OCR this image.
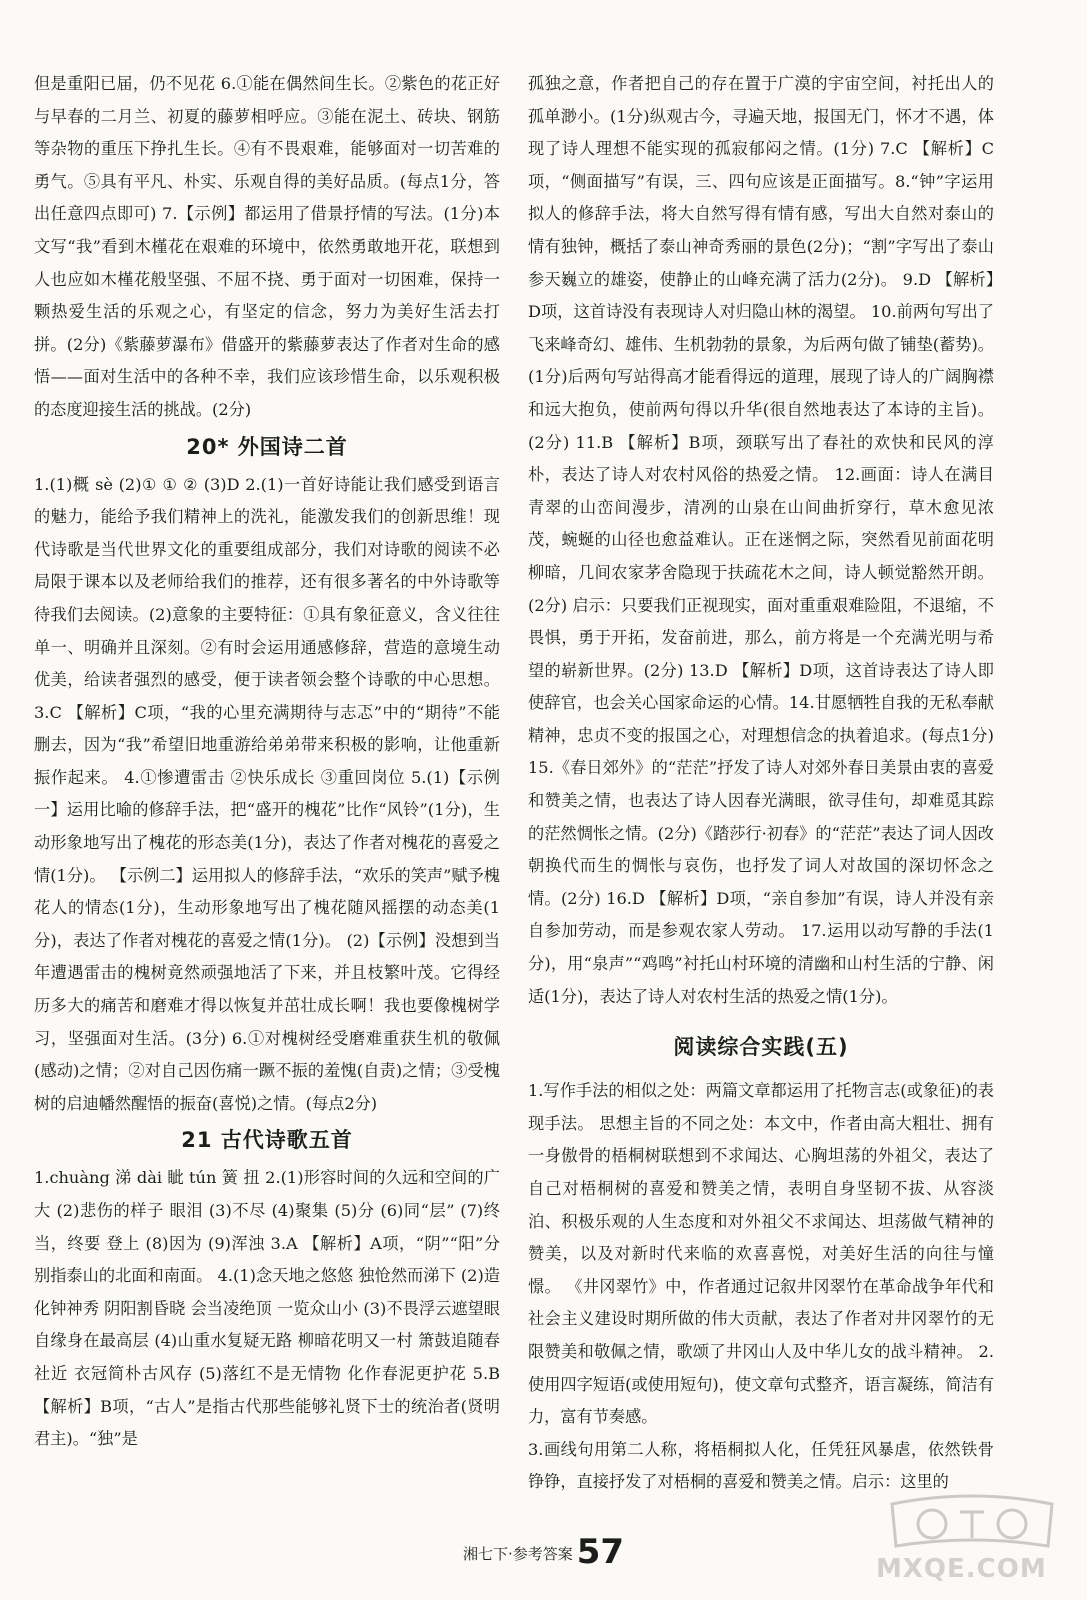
但是重阳已届，仍不见花 6.①能在偶然间生长。②紫色的花正好与早春的二月兰、初夏的藤萝相呼应。③能在泥土、砖块、钢筋等杂物的重压下挣扎生长。④有不畏艰难，能够面对一切苦难的勇气。⑤具有平凡、朴实、乐观自得的美好品质。(每点1分，答出任意四点即可) 7.【示例】都运用了借景抒情的写法。(1分)本文写“我”看到木槿花在艰难的环境中，依然勇敢地开花，联想到人也应如木槿花般坚强、不屈不挠、勇于面对一切困难，保持一颗热爱生活的乐观之心，有坚定的信念，努力为美好生活去打拼。(2分)《紫藤萝瀑布》借盛开的紫藤萝表达了作者对生命的感悟——面对生活中的各种不幸，我们应该珍惜生命，以乐观积极的态度迎接生活的挑战。(2分)

20* 外国诗二首

1.(1)概 sè (2)① ① ② (3)D 2.(1)一首好诗能让我们感受到语言的魅力，能给予我们精神上的洗礼，能激发我们的创新思维！现代诗歌是当代世界文化的重要组成部分，我们对诗歌的阅读不必局限于课本以及老师给我们的推荐，还有很多著名的中外诗歌等待我们去阅读。(2)意象的主要特征：①具有象征意义，含义往往单一、明确并且深刻。②有时会运用通感修辞，营造的意境生动优美，给读者强烈的感受，便于读者领会整个诗歌的中心思想。 3.C 【解析】C项，“我的心里充满期待与志忑”中的“期待”不能删去，因为“我”希望旧地重游给弟弟带来积极的影响，让他重新振作起来。 4.①惨遭雷击 ②快乐成长 ③重回岗位 5.(1)【示例一】运用比喻的修辞手法，把“盛开的槐花”比作“风铃”(1分)，生动形象地写出了槐花的形态美(1分)，表达了作者对槐花的喜爱之情(1分)。 【示例二】运用拟人的修辞手法，“欢乐的笑声”赋予槐花人的情态(1分)，生动形象地写出了槐花随风摇摆的动态美(1分)，表达了作者对槐花的喜爱之情(1分)。 (2)【示例】没想到当年遭遇雷击的槐树竟然顽强地活了下来，并且枝繁叶茂。它得经历多大的痛苦和磨难才得以恢复并茁壮成长啊！我也要像槐树学习，坚强面对生活。(3分) 6.①对槐树经受磨难重获生机的敬佩(感动)之情；②对自己因伤痛一蹶不振的羞愧(自责)之情；③受槐树的启迪幡然醒悟的振奋(喜悦)之情。(每点2分)

21 古代诗歌五首

1.chuàng 涕 dài 眦 tún 簧 扭 2.(1)形容时间的久远和空间的广大 (2)悲伤的样子 眼泪 (3)不尽 (4)聚集 (5)分 (6)同“层” (7)终当，终要 登上 (8)因为 (9)浑浊 3.A 【解析】A项，“阴”“阳”分别指泰山的北面和南面。 4.(1)念天地之悠悠 独怆然而涕下 (2)造化钟神秀 阴阳割昏晓 会当凌绝顶 一览众山小 (3)不畏浮云遮望眼 自缘身在最高层 (4)山重水复疑无路 柳暗花明又一村 箫鼓追随春社近 衣冠简朴古风存 (5)落红不是无情物 化作春泥更护花 5.B 【解析】B项，“古人”是指古代那些能够礼贤下士的统治者(贤明君主)。“独”是

孤独之意，作者把自己的存在置于广漠的宇宙空间，衬托出人的孤单渺小。(1分)纵观古今，寻遍天地，报国无门，怀才不遇，体现了诗人理想不能实现的孤寂郁闷之情。(1分) 7.C 【解析】C项，“侧面描写”有误，三、四句应该是正面描写。8.“钟”字运用拟人的修辞手法，将大自然写得有情有感，写出大自然对泰山的情有独钟，概括了泰山神奇秀丽的景色(2分)；“割”字写出了泰山参天巍立的雄姿，使静止的山峰充满了活力(2分)。 9.D 【解析】D项，这首诗没有表现诗人对归隐山林的渴望。 10.前两句写出了飞来峰奇幻、雄伟、生机勃勃的景象，为后两句做了铺垫(蓄势)。(1分)后两句写站得高才能看得远的道理，展现了诗人的广阔胸襟和远大抱负，使前两句得以升华(很自然地表达了本诗的主旨)。(2分) 11.B 【解析】B项，颈联写出了春社的欢快和民风的淳朴，表达了诗人对农村风俗的热爱之情。 12.画面：诗人在满目青翠的山峦间漫步，清冽的山泉在山间曲折穿行，草木愈见浓茂，蜿蜒的山径也愈益难认。正在迷惘之际，突然看见前面花明柳暗，几间农家茅舍隐现于扶疏花木之间，诗人顿觉豁然开朗。(2分) 启示：只要我们正视现实，面对重重艰难险阻，不退缩，不畏惧，勇于开拓，发奋前进，那么，前方将是一个充满光明与希望的崭新世界。(2分) 13.D 【解析】D项，这首诗表达了诗人即使辞官，也会关心国家命运的心情。14.甘愿牺牲自我的无私奉献精神，忠贞不变的报国之心，对理想信念的执着追求。(每点1分) 15.《春日郊外》的“茫茫”抒发了诗人对郊外春日美景由衷的喜爱和赞美之情，也表达了诗人因春光满眼，欲寻佳句，却难觅其踪的茫然惆怅之情。(2分)《踏莎行·初春》的“茫茫”表达了词人因改朝换代而生的惆怅与哀伤，也抒发了词人对故国的深切怀念之情。(2分) 16.D 【解析】D项，“亲自参加”有误，诗人并没有亲自参加劳动，而是参观农家人劳动。 17.运用以动写静的手法(1分)，用“泉声”“鸡鸣”衬托山村环境的清幽和山村生活的宁静、闲适(1分)，表达了诗人对农村生活的热爱之情(1分)。

阅读综合实践(五)

1.写作手法的相似之处：两篇文章都运用了托物言志(或象征)的表现手法。 思想主旨的不同之处：本文中，作者由高大粗壮、拥有一身傲骨的梧桐树联想到不求闻达、心胸坦荡的外祖父，表达了自己对梧桐树的喜爱和赞美之情，表明自身坚韧不拔、从容淡泊、积极乐观的人生态度和对外祖父不求闻达、坦荡做气精神的赞美，以及对新时代来临的欢喜喜悦，对美好生活的向往与憧憬。 《井冈翠竹》中，作者通过记叙井冈翠竹在革命战争年代和社会主义建设时期所做的伟大贡献，表达了作者对井冈翠竹的无限赞美和敬佩之情，歌颂了井冈山人及中华儿女的战斗精神。 2.使用四字短语(或使用短句)，使文章句式整齐，语言凝练，简洁有力，富有节奏感。

3.画线句用第二人称，将梧桐拟人化，任凭狂风暴虐，依然铁骨铮铮，直接抒发了对梧桐的喜爱和赞美之情。启示：这里的

湘七下·参考答案 57	MXQE.COM
